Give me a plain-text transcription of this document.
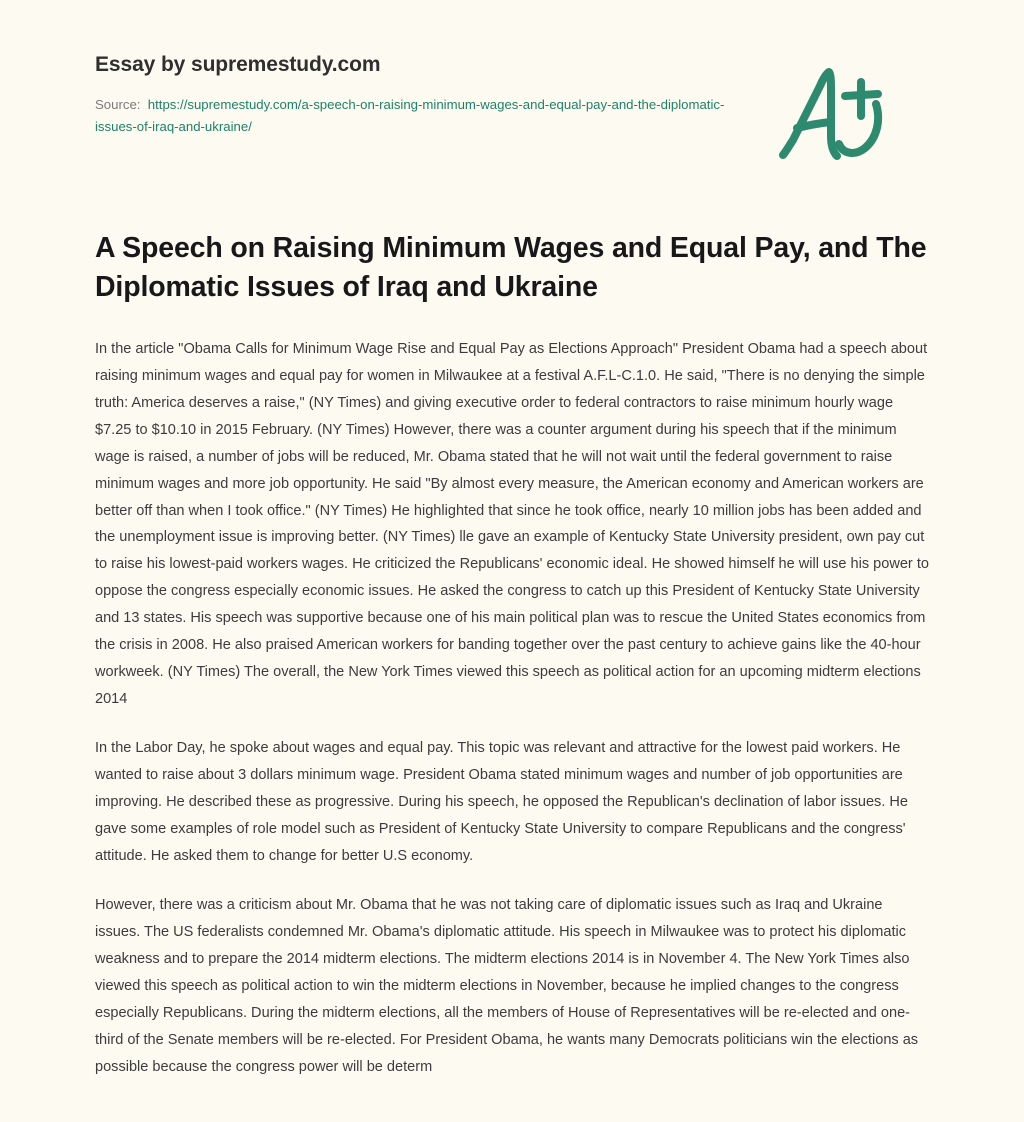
Essay by supremestudy.com
Source: https://supremestudy.com/a-speech-on-raising-minimum-wages-and-equal-pay-and-the-diplomatic-issues-of-iraq-and-ukraine/
A Speech on Raising Minimum Wages and Equal Pay, and The Diplomatic Issues of Iraq and Ukraine

In the article "Obama Calls for Minimum Wage Rise and Equal Pay as Elections Approach" President Obama had a speech about raising minimum wages and equal pay for women in Milwaukee at a festival A.F.L-C.1.0. He said, "There is no denying the simple truth: America deserves a raise," (NY Times) and giving executive order to federal contractors to raise minimum hourly wage $7.25 to $10.10 in 2015 February. (NY Times) However, there was a counter argument during his speech that if the minimum wage is raised, a number of jobs will be reduced, Mr. Obama stated that he will not wait until the federal government to raise minimum wages and more job opportunity. He said "By almost every measure, the American economy and American workers are better off than when I took office." (NY Times) He highlighted that since he took office, nearly 10 million jobs has been added and the unemployment issue is improving better. (NY Times) lle gave an example of Kentucky State University president, own pay cut to raise his lowest-paid workers wages. He criticized the Republicans' economic ideal. He showed himself he will use his power to oppose the congress especially economic issues. He asked the congress to catch up this President of Kentucky State University and 13 states. His speech was supportive because one of his main political plan was to rescue the United States economics from the crisis in 2008. He also praised American workers for banding together over the past century to achieve gains like the 40-hour workweek. (NY Times) The overall, the New York Times viewed this speech as political action for an upcoming midterm elections 2014

In the Labor Day, he spoke about wages and equal pay. This topic was relevant and attractive for the lowest paid workers. He wanted to raise about 3 dollars minimum wage. President Obama stated minimum wages and number of job opportunities are improving. He described these as progressive. During his speech, he opposed the Republican's declination of labor issues. He gave some examples of role model such as President of Kentucky State University to compare Republicans and the congress' attitude. He asked them to change for better U.S economy.

However, there was a criticism about Mr. Obama that he was not taking care of diplomatic issues such as Iraq and Ukraine issues. The US federalists condemned Mr. Obama's diplomatic attitude. His speech in Milwaukee was to protect his diplomatic weakness and to prepare the 2014 midterm elections. The midterm elections 2014 is in November 4. The New York Times also viewed this speech as political action to win the midterm elections in November, because he implied changes to the congress especially Republicans. During the midterm elections, all the members of House of Representatives will be re-elected and one-third of the Senate members will be re-elected. For President Obama, he wants many Democrats politicians win the elections as possible because the congress power will be determ
